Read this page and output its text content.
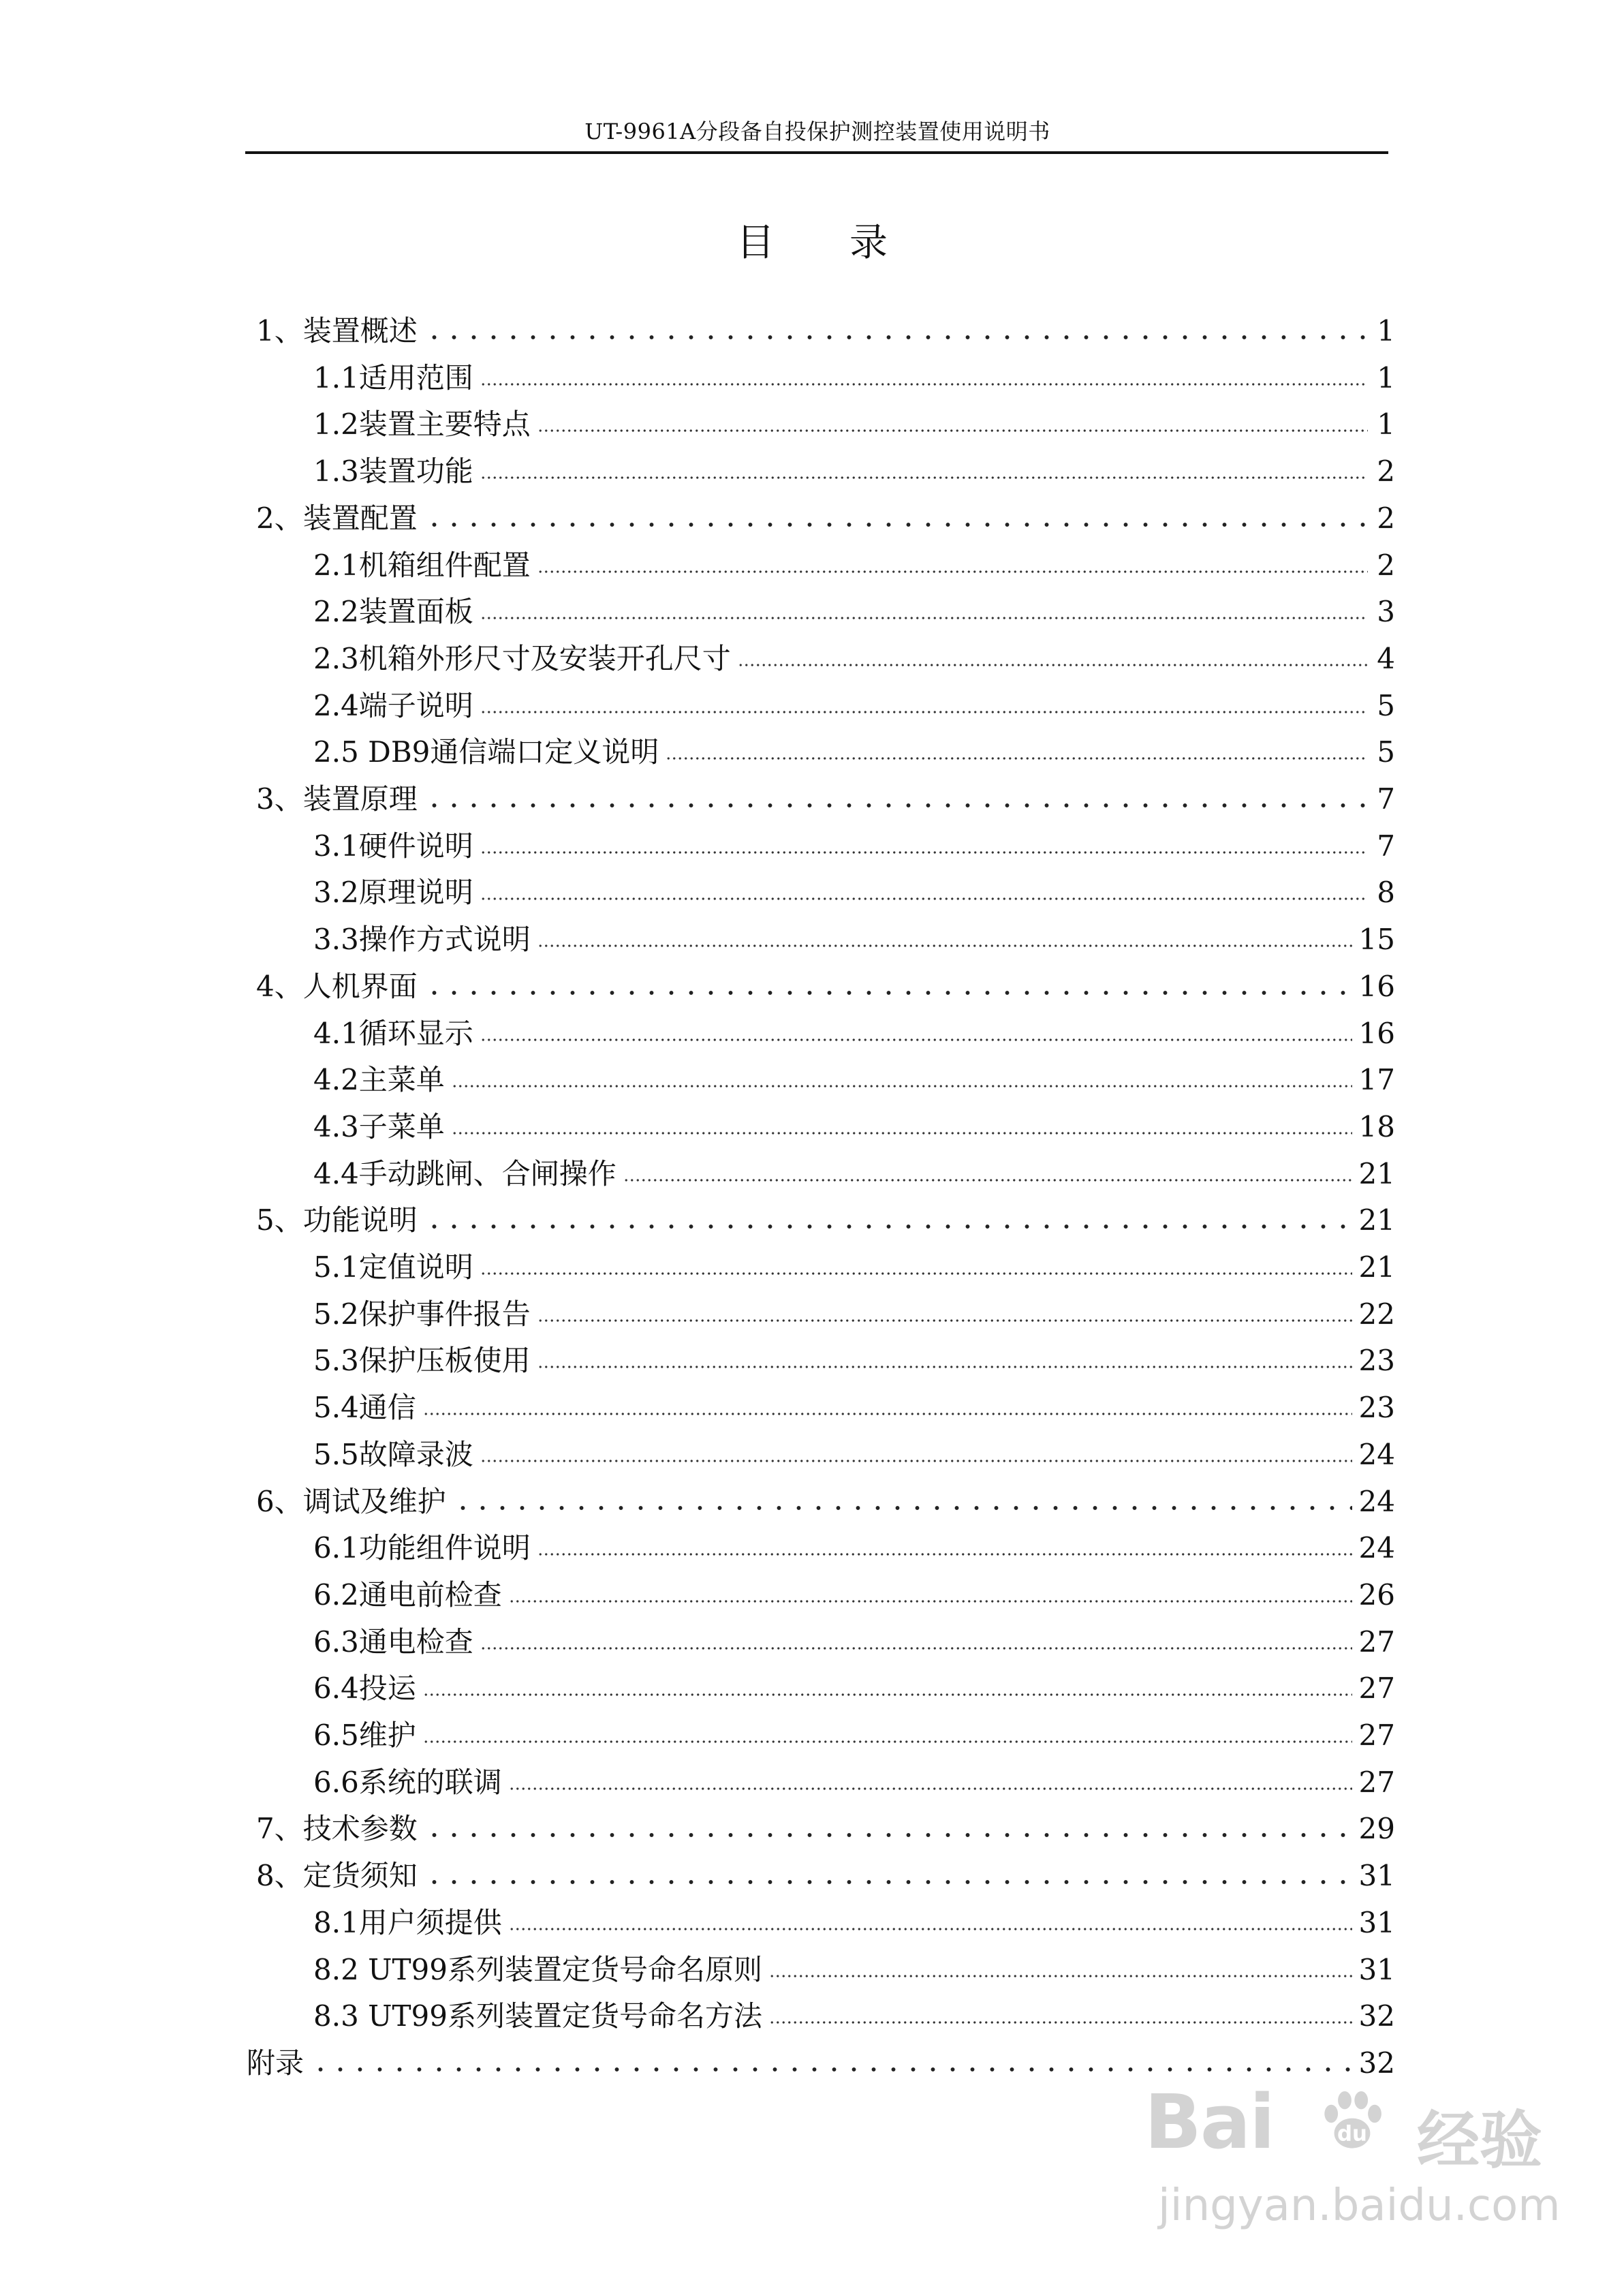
UT-9961A分段备自投保护测控装置使用说明书
目 录
1、装置概述	1
1.1适用范围	1
1.2装置主要特点	1
1.3装置功能	2
2、装置配置	2
2.1机箱组件配置	2
2.2装置面板	3
2.3机箱外形尺寸及安装开孔尺寸	4
2.4端子说明	5
2.5 DB9通信端口定义说明	5
3、装置原理	7
3.1硬件说明	7
3.2原理说明	8
3.3操作方式说明	15
4、人机界面	16
4.1循环显示	16
4.2主菜单	17
4.3子菜单	18
4.4手动跳闸、合闸操作	21
5、功能说明	21
5.1定值说明	21
5.2保护事件报告	22
5.3保护压板使用	23
5.4通信	23
5.5故障录波	24
6、调试及维护	24
6.1功能组件说明	24
6.2通电前检查	26
6.3通电检查	27
6.4投运	27
6.5维护	27
6.6系统的联调	27
7、技术参数	29
8、定货须知	31
8.1用户须提供	31
8.2 UT99系列装置定货号命名原则	31
8.3 UT99系列装置定货号命名方法	32
附录	32
Bai	du 经验
jingyan.baidu.com
